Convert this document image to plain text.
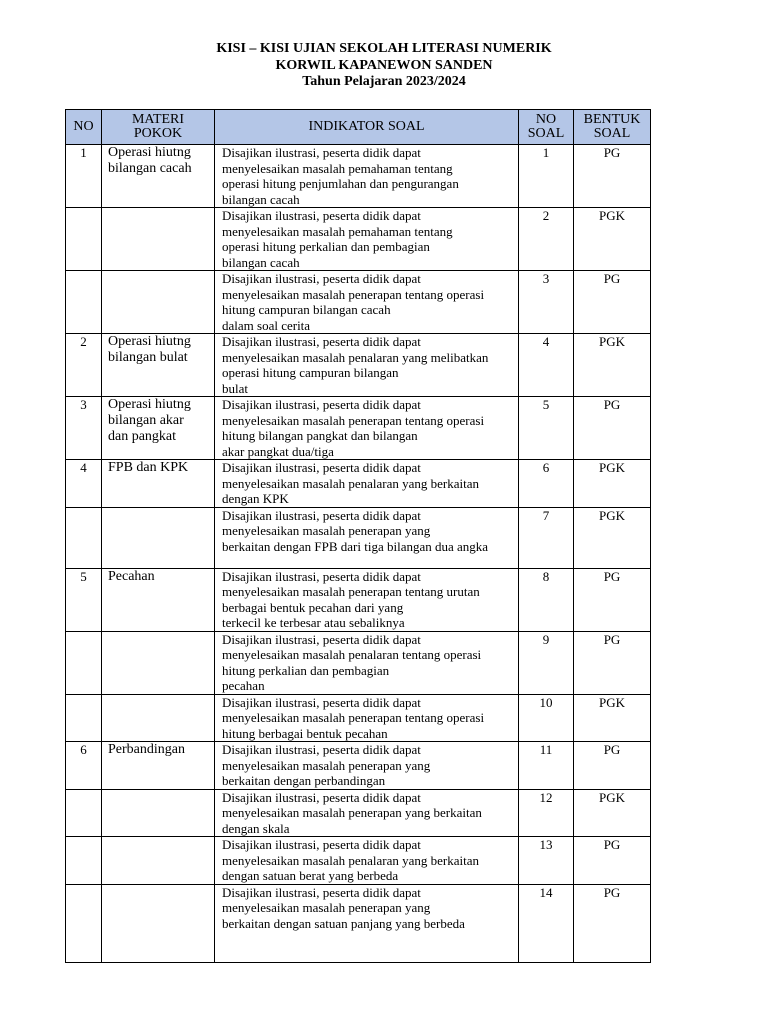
KISI – KISI UJIAN SEKOLAH LITERASI NUMERIK
KORWIL KAPANEWON SANDEN
Tahun Pelajaran 2023/2024
NO	MATERI
POKOK	INDIKATOR SOAL	NO
SOAL	BENTUK
SOAL
1	Operasi hiutng
bilangan cacah	Disajikan ilustrasi, peserta didik dapat
menyelesaikan masalah pemahaman tentang
operasi hitung penjumlahan dan pengurangan
bilangan cacah	1	PG

		Disajikan ilustrasi, peserta didik dapat
menyelesaikan masalah pemahaman tentang
operasi hitung perkalian dan pembagian
bilangan cacah	2	PGK

		Disajikan ilustrasi, peserta didik dapat
menyelesaikan masalah penerapan tentang operasi
hitung campuran bilangan cacah
dalam soal cerita	3	PG
2	Operasi hiutng
bilangan bulat	Disajikan ilustrasi, peserta didik dapat
menyelesaikan masalah penalaran yang melibatkan
operasi hitung campuran bilangan
bulat	4	PGK
3	Operasi hiutng
bilangan akar
dan pangkat	Disajikan ilustrasi, peserta didik dapat
menyelesaikan masalah penerapan tentang operasi
hitung bilangan pangkat dan bilangan
akar pangkat dua/tiga	5	PG
4	FPB dan KPK	Disajikan ilustrasi, peserta didik dapat
menyelesaikan masalah penalaran yang berkaitan
dengan KPK	6	PGK

		Disajikan ilustrasi, peserta didik dapat
menyelesaikan masalah penerapan yang
berkaitan dengan FPB dari tiga bilangan dua angka	7	PGK
5	Pecahan	Disajikan ilustrasi, peserta didik dapat
menyelesaikan masalah penerapan tentang urutan
berbagai bentuk pecahan dari yang
terkecil ke terbesar atau sebaliknya	8	PG

		Disajikan ilustrasi, peserta didik dapat
menyelesaikan masalah penalaran tentang operasi
hitung perkalian dan pembagian
pecahan	9	PG

		Disajikan ilustrasi, peserta didik dapat
menyelesaikan masalah penerapan tentang operasi
hitung berbagai bentuk pecahan	10	PGK
6	Perbandingan	Disajikan ilustrasi, peserta didik dapat
menyelesaikan masalah penerapan yang
berkaitan dengan perbandingan	11	PG

		Disajikan ilustrasi, peserta didik dapat
menyelesaikan masalah penerapan yang berkaitan
dengan skala	12	PGK

		Disajikan ilustrasi, peserta didik dapat
menyelesaikan masalah penalaran yang berkaitan
dengan satuan berat yang berbeda	13	PG

		Disajikan ilustrasi, peserta didik dapat
menyelesaikan masalah penerapan yang
berkaitan dengan satuan panjang yang berbeda	14	PG
